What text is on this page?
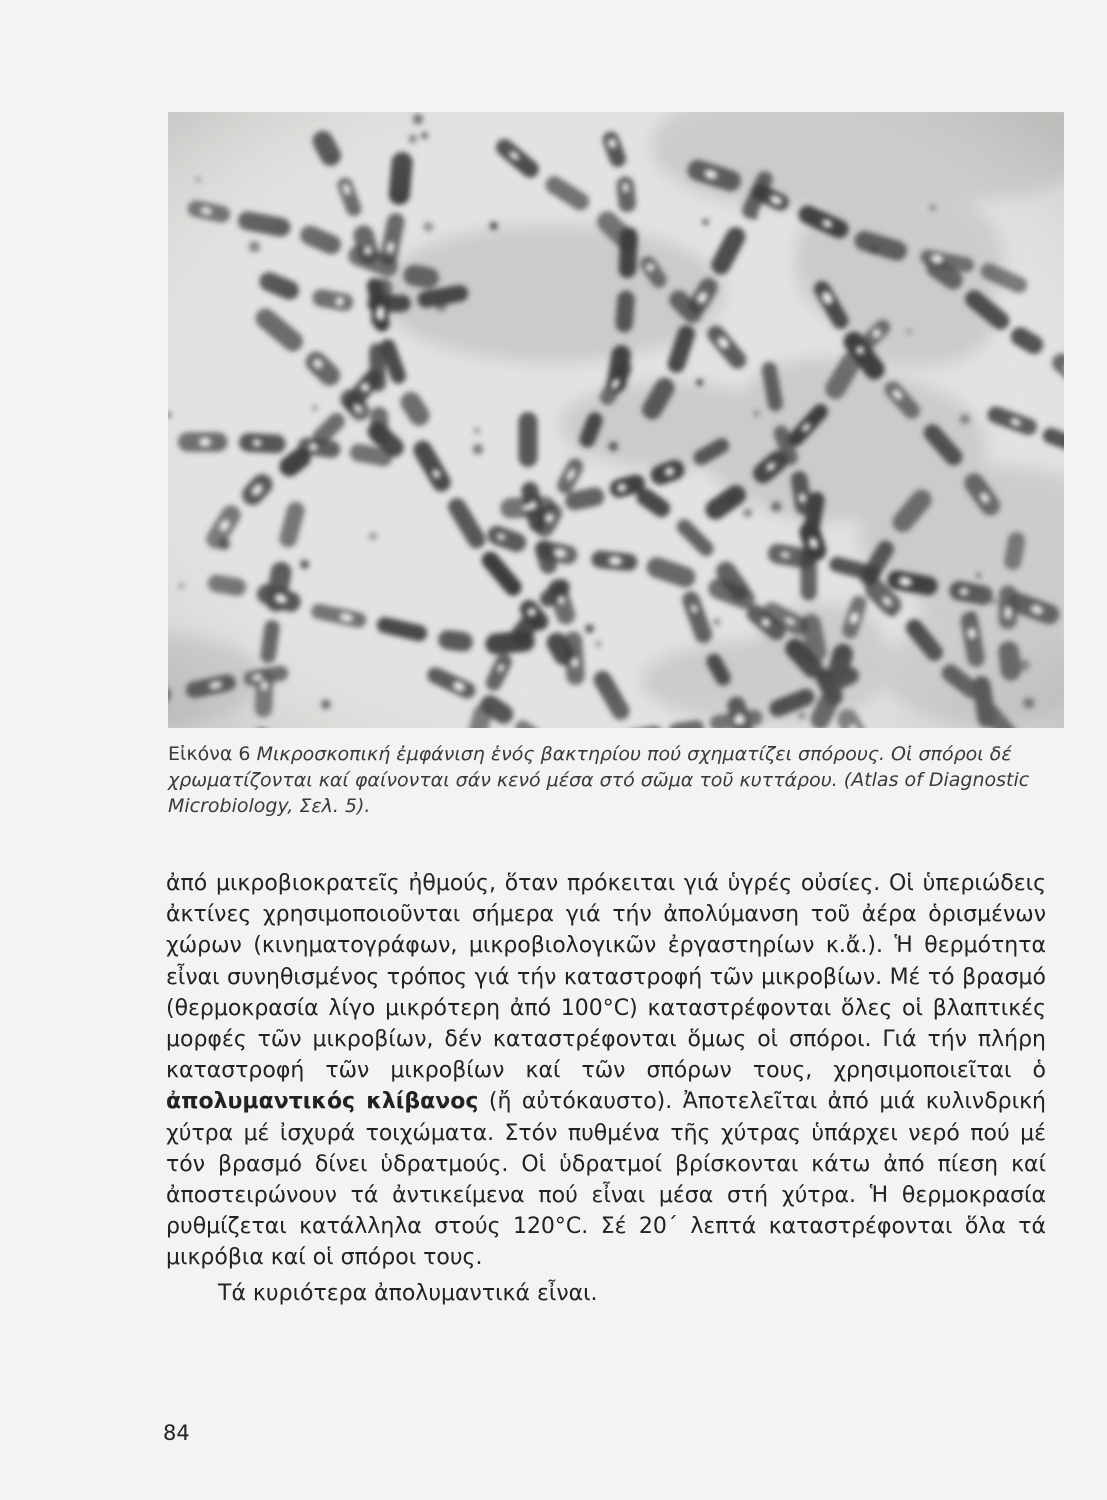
Εἰκόνα 6 Μικροσκοπική ἐμφάνιση ἑνός βακτηρίου πού σχηματίζει σπόρους. Οἱ σπόροι δέ χρωματίζονται καί φαίνονται σάν κενό μέσα στό σῶμα τοῦ κυττάρου. (Atlas of Diagnostic Microbiology, Σελ. 5).

ἀπό μικροβιοκρατεῖς ἠθμούς, ὅταν πρόκειται γιά ὑγρές οὐσίες. Οἱ ὑπεριώδεις ἀκτίνες χρησιμοποιοῦνται σήμερα γιά τήν ἀπολύμανση τοῦ ἀέρα ὁρισμένων χώρων (κινηματογράφων, μικροβιολογικῶν ἐργαστηρίων κ.ἄ.). Ἡ θερμότητα εἶναι συνηθισμένος τρόπος γιά τήν καταστροφή τῶν μικροβίων. Μέ τό βρασμό (θερμοκρασία λίγο μικρότερη ἀπό 100°C) καταστρέφονται ὅλες οἱ βλαπτικές μορφές τῶν μικροβίων, δέν καταστρέφονται ὅμως οἱ σπόροι. Γιά τήν πλήρη καταστροφή τῶν μικροβίων καί τῶν σπόρων τους, χρησιμοποιεῖται ὁ ἀπολυμαντικός κλίβανος (ἤ αὐτόκαυστο). Ἀποτελεῖται ἀπό μιά κυλινδρική χύτρα μέ ἰσχυρά τοιχώματα. Στόν πυθμένα τῆς χύτρας ὑπάρχει νερό πού μέ τόν βρασμό δίνει ὑδρατμούς. Οἱ ὑδρατμοί βρίσκονται κάτω ἀπό πίεση καί ἀποστειρώνουν τά ἀντικείμενα πού εἶναι μέσα στή χύτρα. Ἡ θερμοκρασία ρυθμίζεται κατάλληλα στούς 120°C. Σέ 20΄ λεπτά καταστρέφονται ὅλα τά μικρόβια καί οἱ σπόροι τους.

Τά κυριότερα ἀπολυμαντικά εἶναι.

84
